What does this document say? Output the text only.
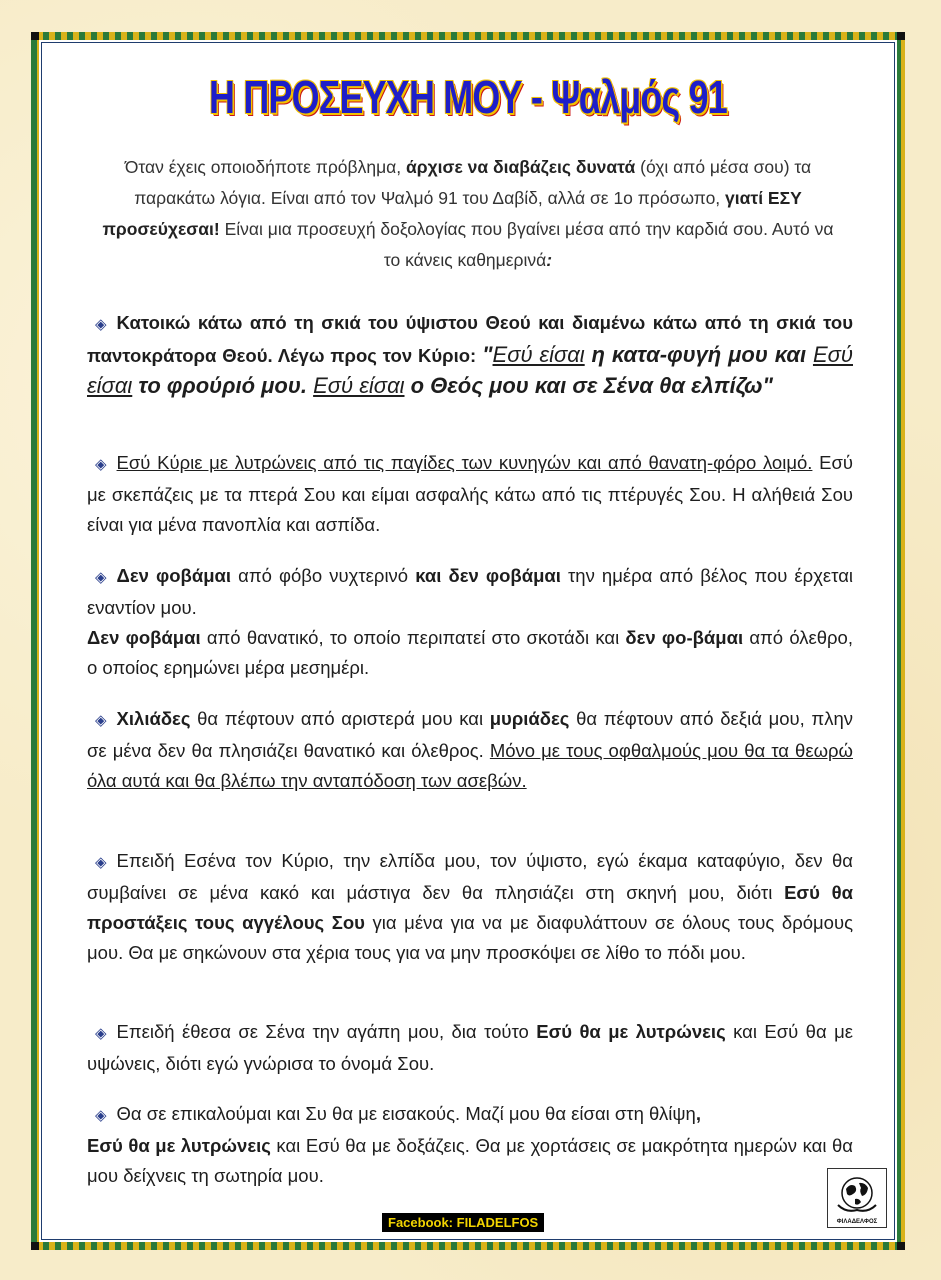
Η ΠΡΟΣΕΥΧΗ ΜΟΥ - Ψαλμός 91
Όταν έχεις οποιοδήποτε πρόβλημα, άρχισε να διαβάζεις δυνατά (όχι από μέσα σου) τα παρακάτω λόγια. Είναι από τον Ψαλμό 91 του Δαβίδ, αλλά σε 1ο πρόσωπο, γιατί ΕΣΥ προσεύχεσαι! Είναι μια προσευχή δοξολογίας που βγαίνει μέσα από την καρδιά σου. Αυτό να το κάνεις καθημερινά:
◈ Κατοικώ κάτω από τη σκιά του ύψιστου Θεού και διαμένω κάτω από τη σκιά του παντοκράτορα Θεού. Λέγω προς τον Κύριο: "Εσύ είσαι η κατα-φυγή μου και Εσύ είσαι το φρούριό μου. Εσύ είσαι ο Θεός μου και σε Σένα θα ελπίζω"
◈ Εσύ Κύριε με λυτρώνεις από τις παγίδες των κυνηγών και από θανατη-φόρο λοιμό. Εσύ με σκεπάζεις με τα πτερά Σου και είμαι ασφαλής κάτω από τις πτέρυγές Σου. Η αλήθειά Σου είναι για μένα πανοπλία και ασπίδα.
◈ Δεν φοβάμαι από φόβο νυχτερινό και δεν φοβάμαι την ημέρα από βέλος που έρχεται εναντίον μου.
Δεν φοβάμαι από θανατικό, το οποίο περιπατεί στο σκοτάδι και δεν φο-βάμαι από όλεθρο, ο οποίος ερημώνει μέρα μεσημέρι.
◈ Χιλιάδες θα πέφτουν από αριστερά μου και μυριάδες θα πέφτουν από δεξιά μου, πλην σε μένα δεν θα πλησιάζει θανατικό και όλεθρος. Μόνο με τους οφθαλμούς μου θα τα θεωρώ όλα αυτά και θα βλέπω την ανταπόδοση των ασεβών.
◈ Επειδή Εσένα τον Κύριο, την ελπίδα μου, τον ύψιστο, εγώ έκαμα καταφύγιο, δεν θα συμβαίνει σε μένα κακό και μάστιγα δεν θα πλησιάζει στη σκηνή μου, διότι Εσύ θα προστάξεις τους αγγέλους Σου για μένα για να με διαφυλάττουν σε όλους τους δρόμους μου. Θα με σηκώνουν στα χέρια τους για να μην προσκόψει σε λίθο το πόδι μου.
◈ Επειδή έθεσα σε Σένα την αγάπη μου, δια τούτο Εσύ θα με λυτρώνεις και Εσύ θα με υψώνεις, διότι εγώ γνώρισα το όνομά Σου.
◈ Θα σε επικαλούμαι και Συ θα με εισακούς. Μαζί μου θα είσαι στη θλίψη,
Εσύ θα με λυτρώνεις και Εσύ θα με δοξάζεις. Θα με χορτάσεις σε μακρότητα ημερών και θα μου δείχνεις τη σωτηρία μου.
Facebook: FILADELFOS	ΦΙΛΑΔΕΛΦΟΣ
